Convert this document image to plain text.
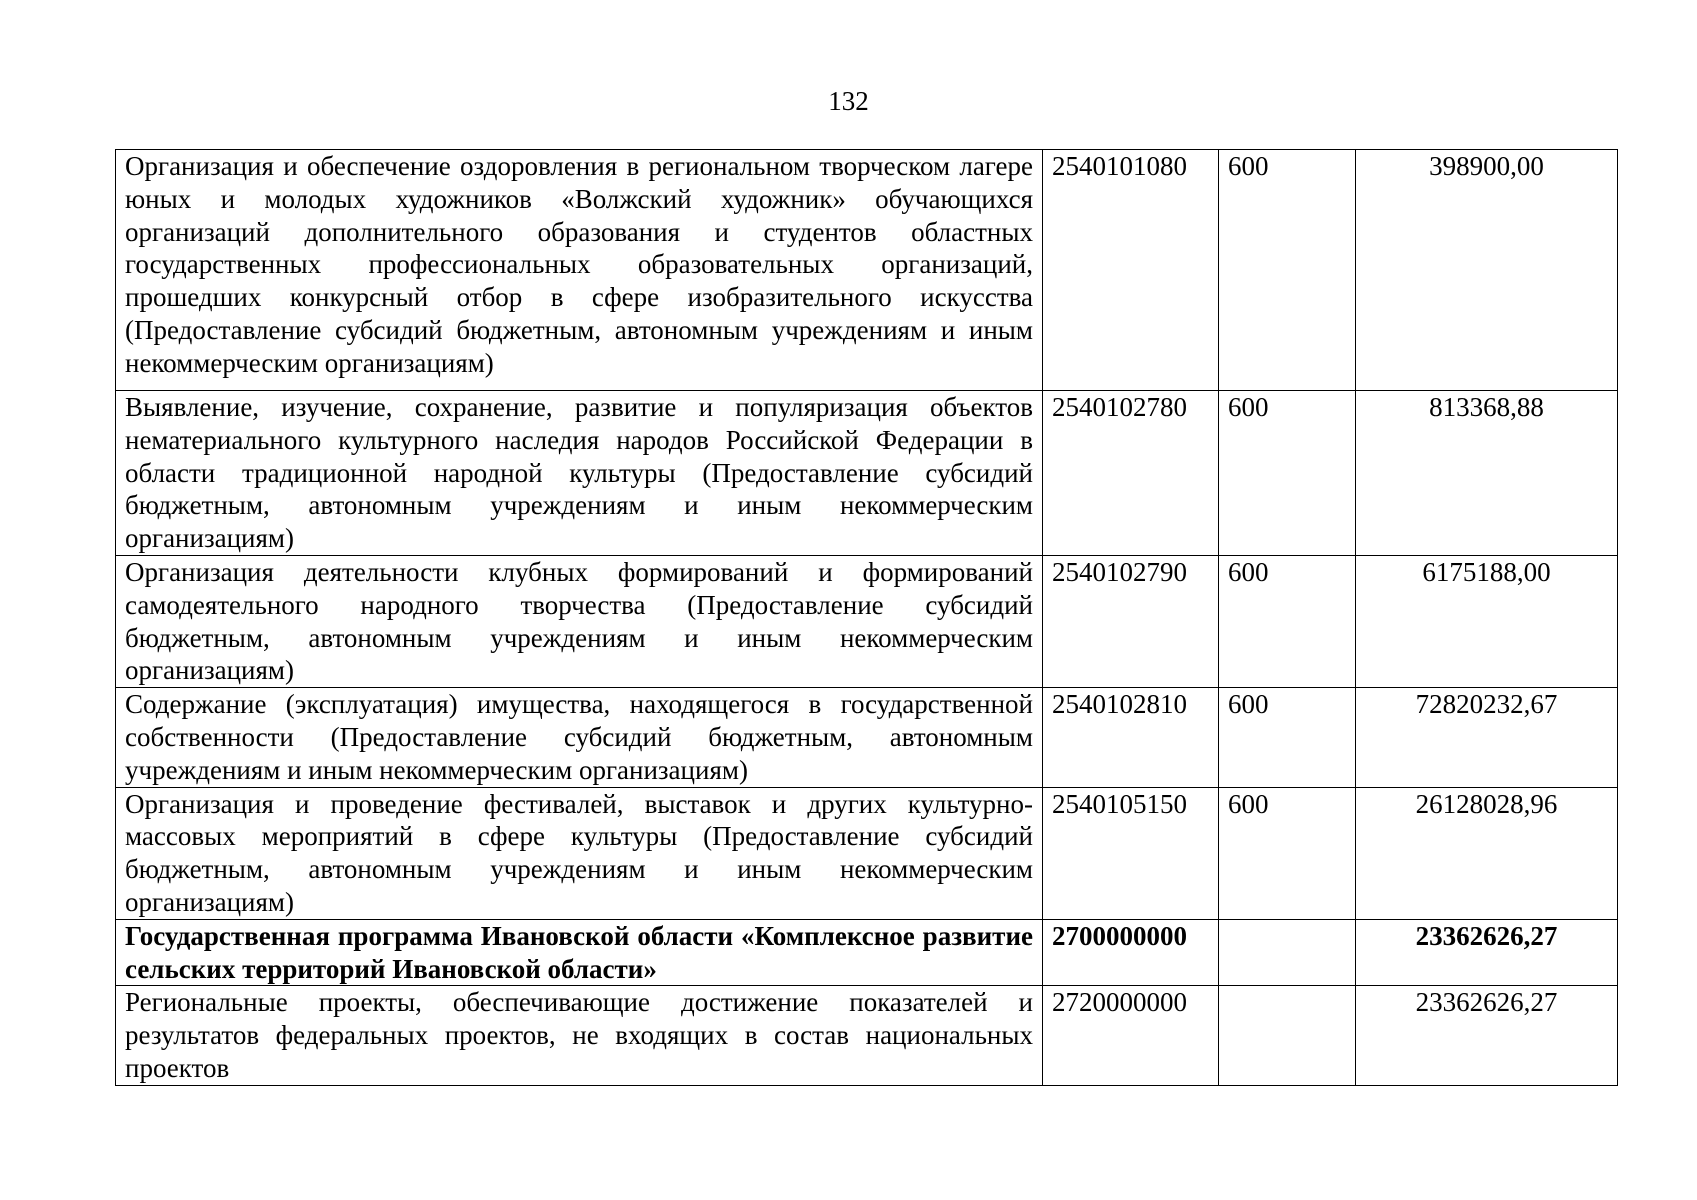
132
Организация и обеспечение оздоровления в региональном творческом лагере юных и молодых художников «Волжский художник» обучающихся организаций дополнительного образования и студентов областных государственных профессиональных образовательных организаций, прошедших конкурсный отбор в сфере изобразительного искусства (Предоставление субсидий бюджетным, автономным учреждениям и иным некоммерческим организациям)	2540101080	600	398900,00
Выявление, изучение, сохранение, развитие и популяризация объектов нематериального культурного наследия народов Российской Федерации в области традиционной народной культуры (Предоставление субсидий бюджетным, автономным учреждениям и иным некоммерческим организациям)	2540102780	600	813368,88
Организация деятельности клубных формирований и формирований самодеятельного народного творчества (Предоставление субсидий бюджетным, автономным учреждениям и иным некоммерческим организациям)	2540102790	600	6175188,00
Содержание (эксплуатация) имущества, находящегося в государственной собственности (Предоставление субсидий бюджетным, автономным учреждениям и иным некоммерческим организациям)	2540102810	600	72820232,67
Организация и проведение фестивалей, выставок и других культурно-массовых мероприятий в сфере культуры (Предоставление субсидий бюджетным, автономным учреждениям и иным некоммерческим организациям)	2540105150	600	26128028,96
Государственная программа Ивановской области «Комплексное развитие сельских территорий Ивановской области»	2700000000		23362626,27
Региональные проекты, обеспечивающие достижение показателей и результатов федеральных проектов, не входящих в состав национальных проектов	2720000000		23362626,27
